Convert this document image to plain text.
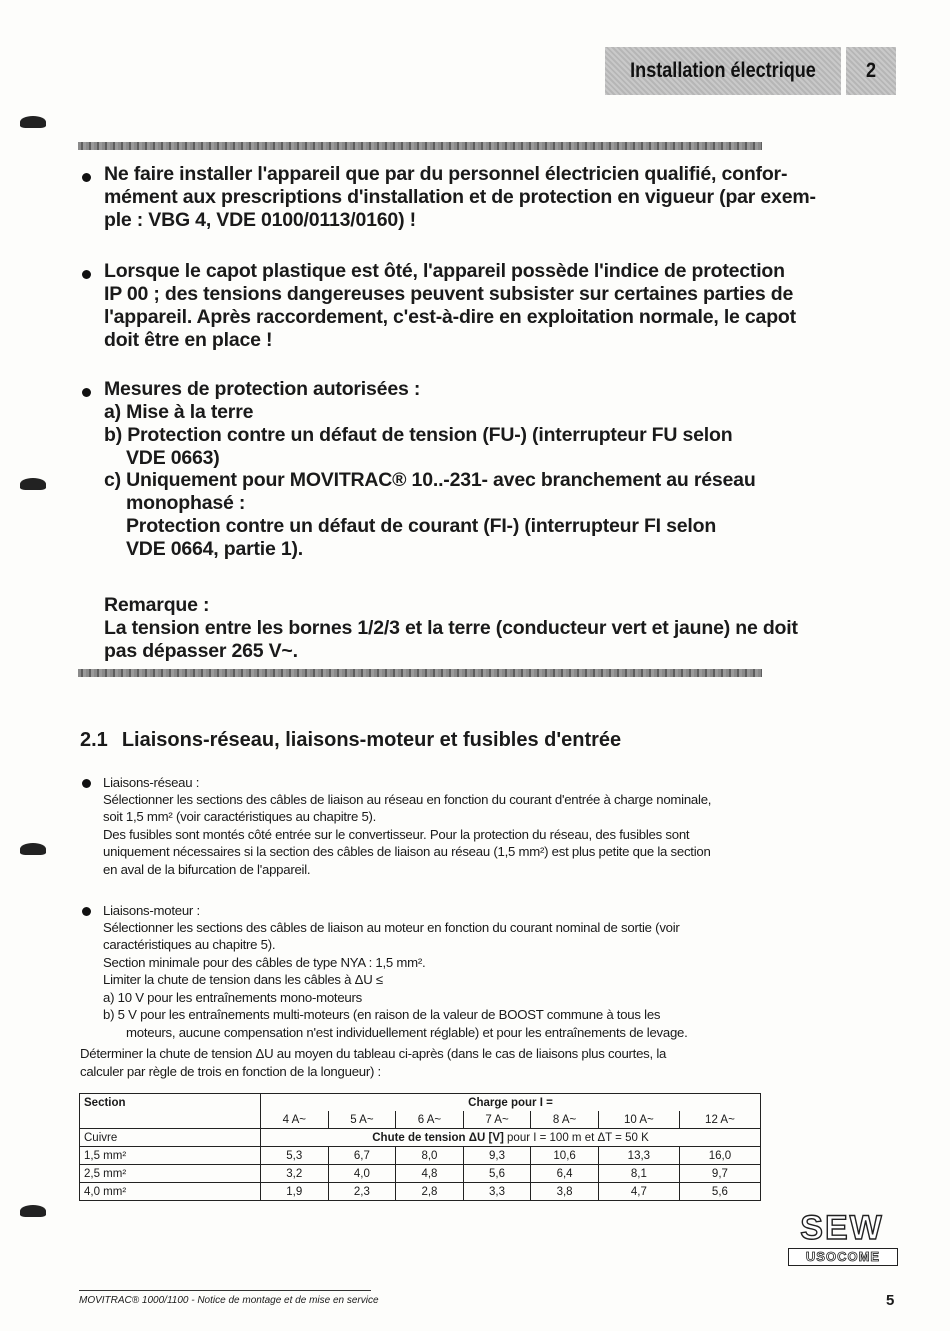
Installation électrique	2
Ne faire installer l'appareil que par du personnel électricien qualifié, confor-
mément aux prescriptions d'installation et de protection en vigueur (par exem-
ple : VBG 4, VDE 0100/0113/0160) !
Lorsque le capot plastique est ôté, l'appareil possède l'indice de protection
IP 00 ; des tensions dangereuses peuvent subsister sur certaines parties de
l'appareil. Après raccordement, c'est-à-dire en exploitation normale, le capot
doit être en place !
Mesures de protection autorisées :
a) Mise à la terre
b) Protection contre un défaut de tension (FU-) (interrupteur FU selon
VDE 0663)
c) Uniquement pour MOVITRAC® 10..-231- avec branchement au réseau
monophasé :
Protection contre un défaut de courant (FI-) (interrupteur FI selon
VDE 0664, partie 1).
Remarque :
La tension entre les bornes 1/2/3 et la terre (conducteur vert et jaune) ne doit
pas dépasser 265 V~.
2.1 Liaisons-réseau, liaisons-moteur et fusibles d'entrée
Liaisons-réseau :
Sélectionner les sections des câbles de liaison au réseau en fonction du courant d'entrée à charge nominale,
soit 1,5 mm² (voir caractéristiques au chapitre 5).
Des fusibles sont montés côté entrée sur le convertisseur. Pour la protection du réseau, des fusibles sont
uniquement nécessaires si la section des câbles de liaison au réseau (1,5 mm²) est plus petite que la section
en aval de la bifurcation de l'appareil.
Liaisons-moteur :
Sélectionner les sections des câbles de liaison au moteur en fonction du courant nominal de sortie (voir
caractéristiques au chapitre 5).
Section minimale pour des câbles de type NYA : 1,5 mm².
Limiter la chute de tension dans les câbles à ΔU ≤
a) 10 V pour les entraînements mono-moteurs
b) 5 V pour les entraînements multi-moteurs (en raison de la valeur de BOOST commune à tous les
moteurs, aucune compensation n'est individuellement réglable) et pour les entraînements de levage.
Déterminer la chute de tension ΔU au moyen du tableau ci-après (dans le cas de liaisons plus courtes, la
calculer par règle de trois en fonction de la longueur) :
Section	Charge pour I =						
	4 A~	5 A~	6 A~	7 A~	8 A~	10 A~	12 A~
Cuivre	Chute de tension ΔU [V] pour I = 100 m et ΔT = 50 K						
1,5 mm²	5,3	6,7	8,0	9,3	10,6	13,3	16,0
2,5 mm²	3,2	4,0	4,8	5,6	6,4	8,1	9,7
4,0 mm²	1,9	2,3	2,8	3,3	3,8	4,7	5,6
SEW
USOCOME
MOVITRAC® 1000/1100 - Notice de montage et de mise en service	5
